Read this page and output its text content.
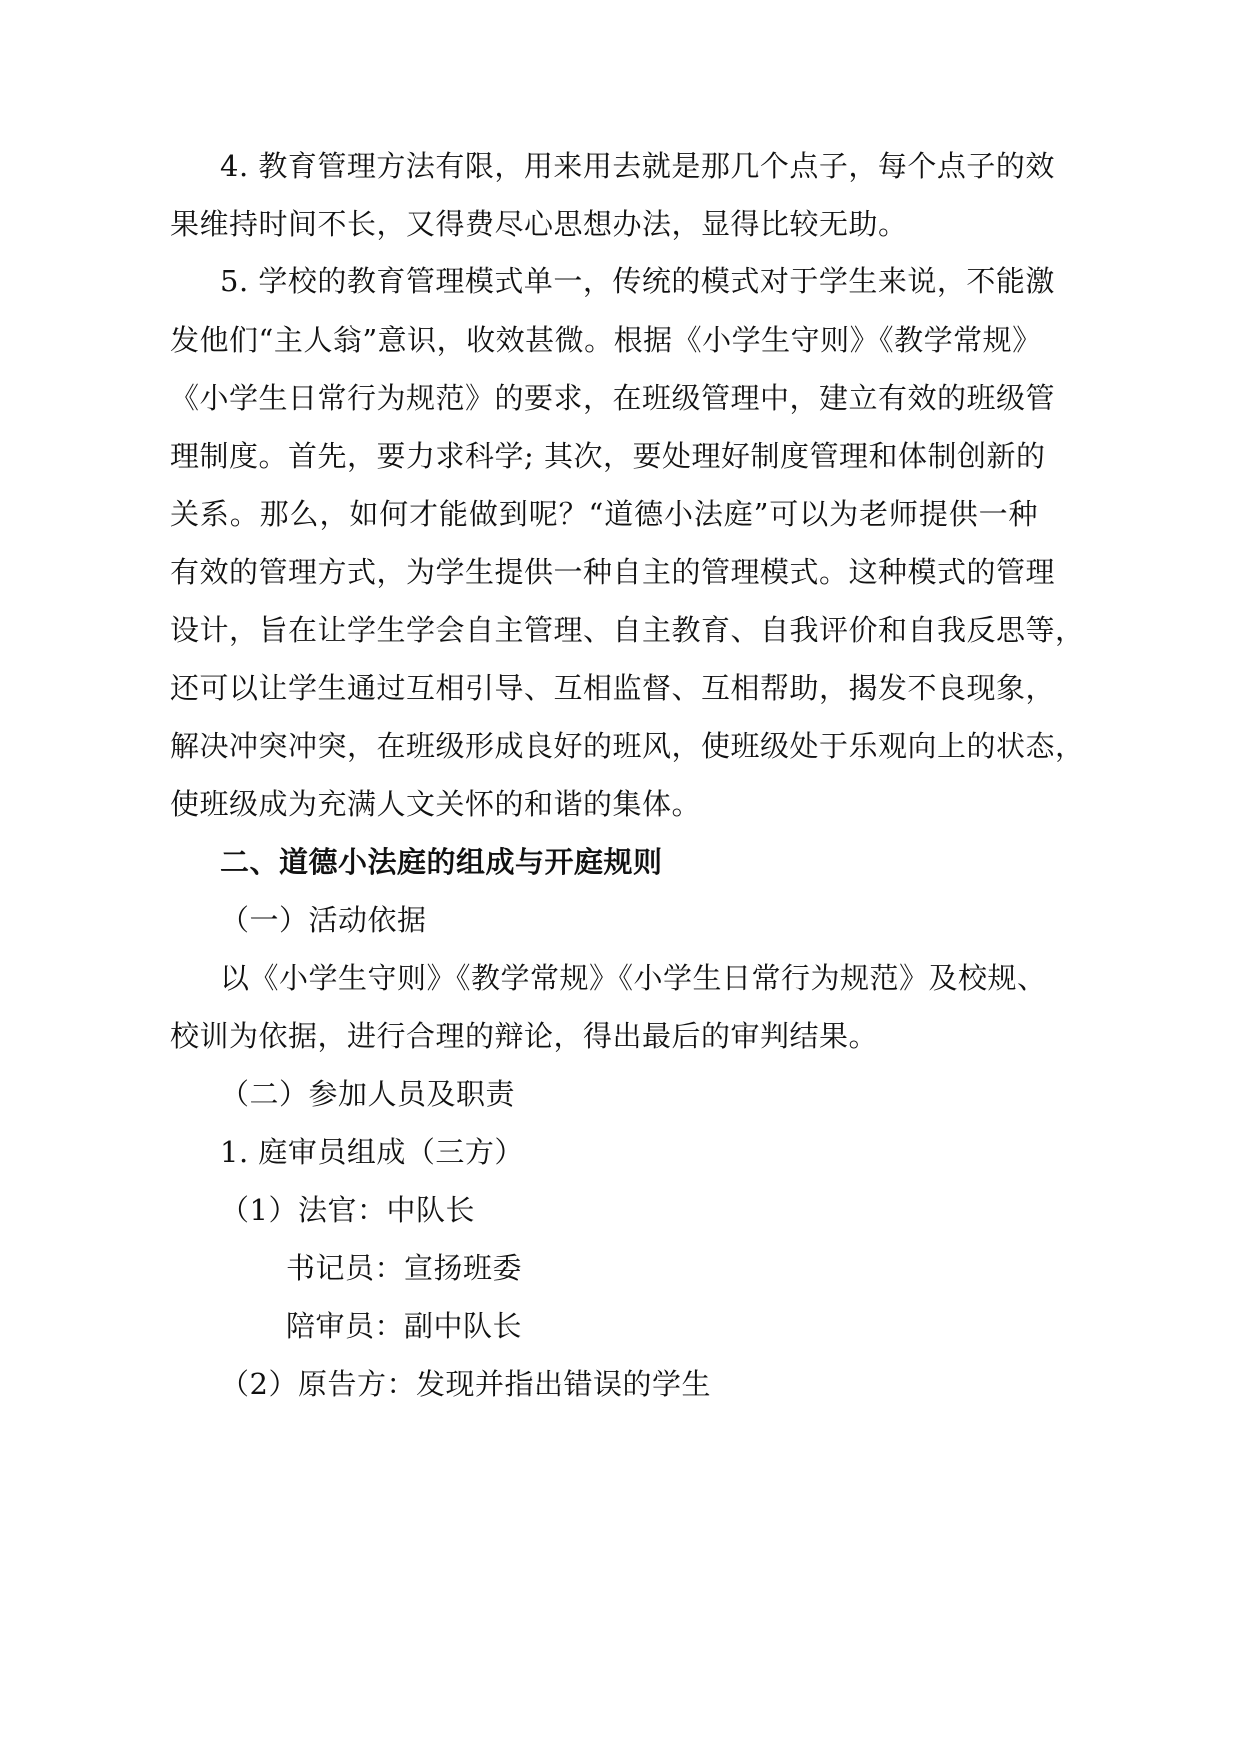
4. 教育管理方法有限，用来用去就是那几个点子，每个点子的效
果维持时间不长，又得费尽心思想办法，显得比较无助。
5. 学校的教育管理模式单一，传统的模式对于学生来说，不能激
发他们“主人翁”意识，收效甚微。根据《小学生守则》《教学常规》
《小学生日常行为规范》的要求，在班级管理中，建立有效的班级管
理制度。首先，要力求科学; 其次，要处理好制度管理和体制创新的
关系。那么，如何才能做到呢？“道德小法庭”可以为老师提供一种
有效的管理方式，为学生提供一种自主的管理模式。这种模式的管理
设计，旨在让学生学会自主管理、自主教育、自我评价和自我反思等，
还可以让学生通过互相引导、互相监督、互相帮助，揭发不良现象，
解决冲突冲突，在班级形成良好的班风，使班级处于乐观向上的状态，
使班级成为充满人文关怀的和谐的集体。
二、道德小法庭的组成与开庭规则
（一）活动依据
以《小学生守则》《教学常规》《小学生日常行为规范》及校规、
校训为依据，进行合理的辩论，得出最后的审判结果。
（二）参加人员及职责
1. 庭审员组成（三方）
（1）法官：中队长
书记员：宣扬班委
陪审员：副中队长
（2）原告方：发现并指出错误的学生
